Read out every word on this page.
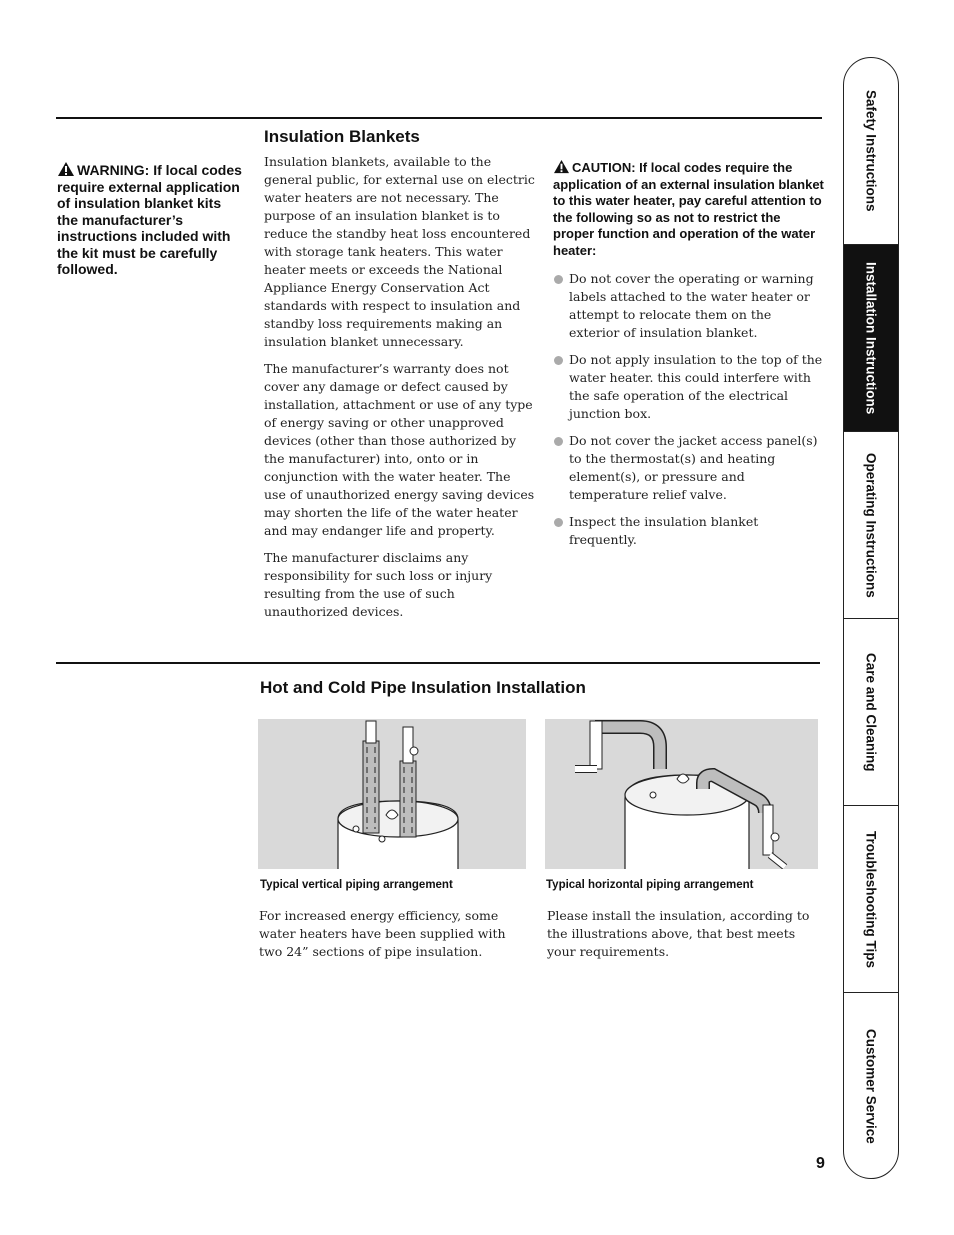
Insulation Blankets
WARNING: If local codes require external application of insulation blanket kits the manufacturer’s instructions included with the kit must be carefully followed.

Insulation blankets, available to the general public, for external use on electric water heaters are not necessary. The purpose of an insulation blanket is to reduce the standby heat loss encountered with storage tank heaters. This water heater meets or exceeds the National Appliance Energy Conservation Act standards with respect to insulation and standby loss requirements making an insulation blanket unnecessary.

The manufacturer’s warranty does not cover any damage or defect caused by installation, attachment or use of any type of energy saving or other unapproved devices (other than those authorized by the manufacturer) into, onto or in conjunction with the water heater. The use of unauthorized energy saving devices may shorten the life of the water heater and may endanger life and property.

The manufacturer disclaims any responsibility for such loss or injury resulting from the use of such unauthorized devices.

CAUTION: If local codes require the application of an external insulation blanket to this water heater, pay careful attention to the following so as not to restrict the proper function and operation of the water heater:
Do not cover the operating or warning labels attached to the water heater or attempt to relocate them on the exterior of insulation blanket.
Do not apply insulation to the top of the water heater. this could interfere with the safe operation of the electrical junction box.
Do not cover the jacket access panel(s) to the thermostat(s) and heating element(s), or pressure and temperature relief valve.
Inspect the insulation blanket frequently.
Hot and Cold Pipe Insulation Installation
Typical vertical piping arrangement	Typical horizontal piping arrangement
For increased energy efficiency, some water heaters have been supplied with two 24” sections of pipe insulation.
Please install the insulation, according to the illustrations above, that best meets your requirements.
Safety Instructions
Installation Instructions
Operating Instructions
Care and Cleaning
Troubleshooting Tips
Customer Service
9
